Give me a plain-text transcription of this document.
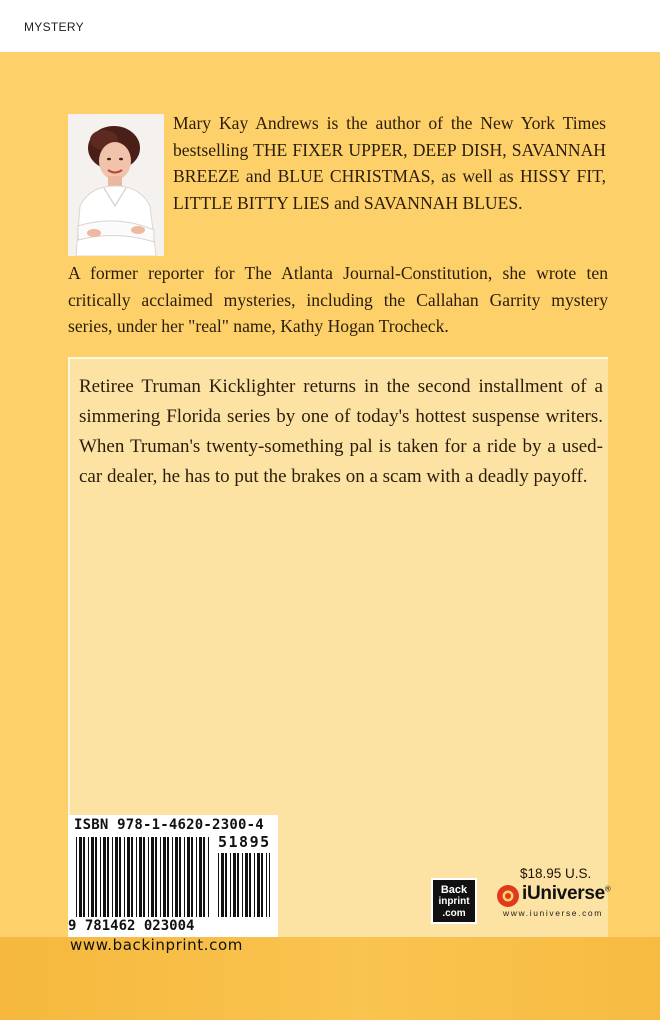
MYSTERY
Mary Kay Andrews is the author of the New York Times bestselling THE FIXER UPPER, DEEP DISH, SAVANNAH BREEZE and BLUE CHRISTMAS, as well as HISSY FIT, LITTLE BITTY LIES and SAVANNAH BLUES.
A former reporter for The Atlanta Journal-Constitution, she wrote ten critically acclaimed mysteries, including the Callahan Garrity mystery series, under her "real" name, Kathy Hogan Trocheck.
Retiree Truman Kicklighter returns in the second installment of a simmering Florida series by one of today's hottest suspense writers. When Truman's twenty-something pal is taken for a ride by a used-car dealer, he has to put the brakes on a scam with a deadly payoff.
ISBN 978-1-4620-2300-4
51895
9 781462 023004
www.backinprint.com
Back
inprint
.com
$18.95 U.S.
iUniverse®
www.iuniverse.com
